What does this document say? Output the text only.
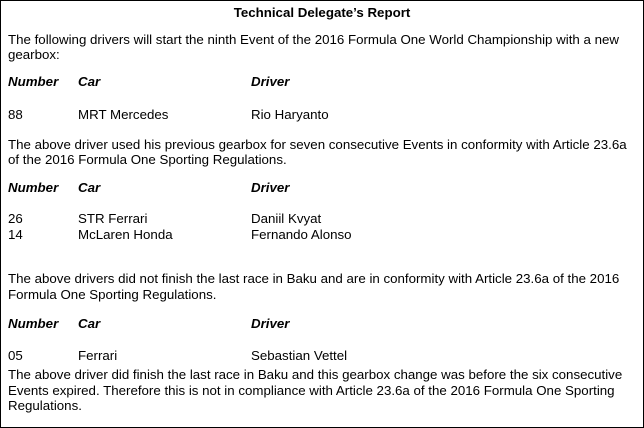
Technical Delegate’s Report

The following drivers will start the ninth Event of the 2016 Formula One World Championship with a new gearbox:

Number	Car	Driver
88	MRT Mercedes	Rio Haryanto

The above driver used his previous gearbox for seven consecutive Events in conformity with Article 23.6a of the 2016 Formula One Sporting Regulations.

Number	Car	Driver
26	STR Ferrari	Daniil Kvyat
14	McLaren Honda	Fernando Alonso

The above drivers did not finish the last race in Baku and are in conformity with Article 23.6a of the 2016 Formula One Sporting Regulations.

Number	Car	Driver
05	Ferrari	Sebastian Vettel

The above driver did finish the last race in Baku and this gearbox change was before the six consecutive Events expired. Therefore this is not in compliance with Article 23.6a of the 2016 Formula One Sporting Regulations.
